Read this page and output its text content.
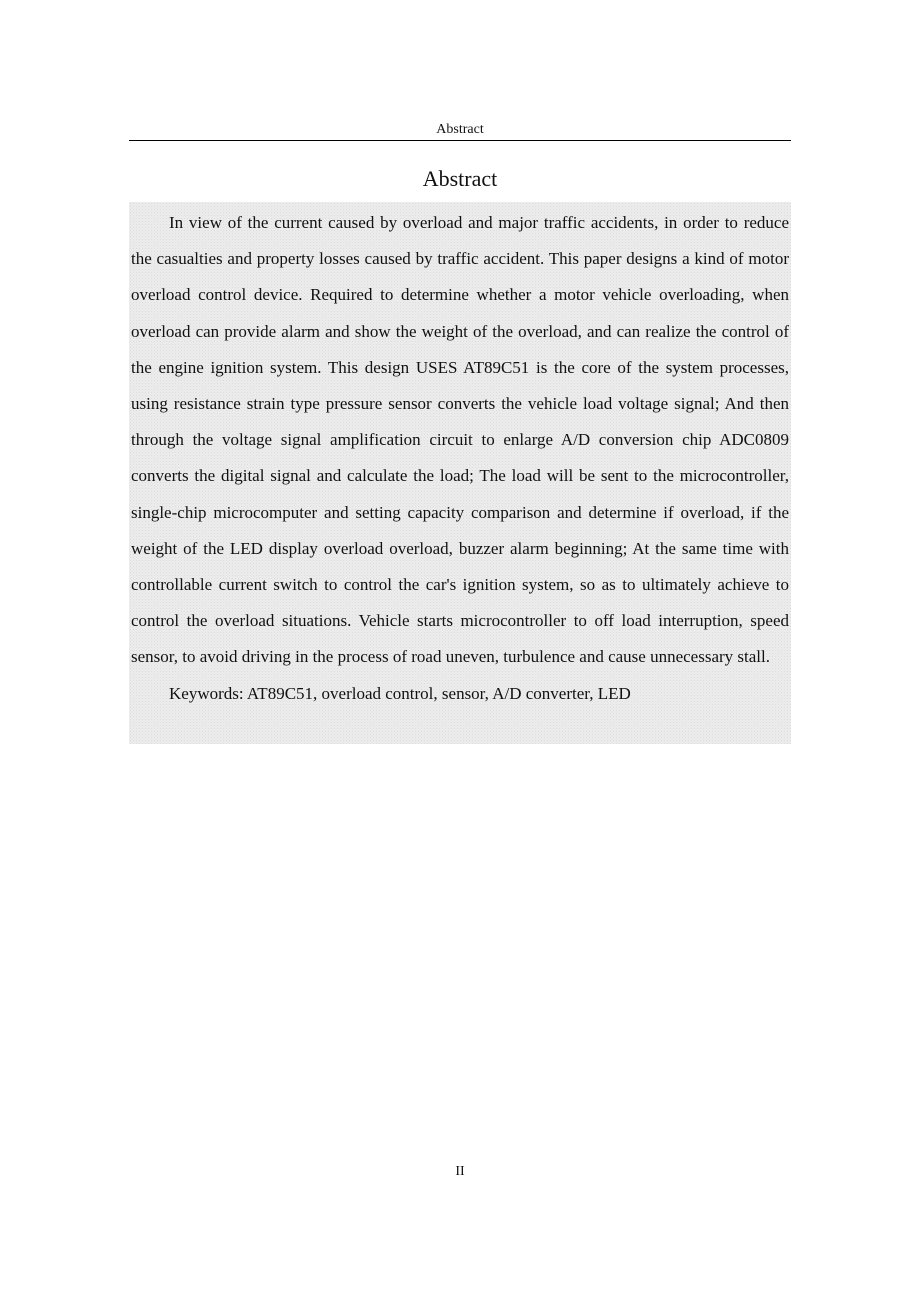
Abstract
Abstract

In view of the current caused by overload and major traffic accidents, in order to reduce the casualties and property losses caused by traffic accident. This paper designs a kind of motor overload control device. Required to determine whether a motor vehicle overloading, when overload can provide alarm and show the weight of the overload, and can realize the control of the engine ignition system. This design USES AT89C51 is the core of the system processes, using resistance strain type pressure sensor converts the vehicle load voltage signal; And then through the voltage signal amplification circuit to enlarge A/D conversion chip ADC0809 converts the digital signal and calculate the load; The load will be sent to the microcontroller, single-chip microcomputer and setting capacity comparison and determine if overload, if the weight of the LED display overload overload, buzzer alarm beginning; At the same time with controllable current switch to control the car's ignition system, so as to ultimately achieve to control the overload situations. Vehicle starts microcontroller to off load interruption, speed sensor, to avoid driving in the process of road uneven, turbulence and cause unnecessary stall.

Keywords: AT89C51, overload control, sensor, A/D converter, LED

II
